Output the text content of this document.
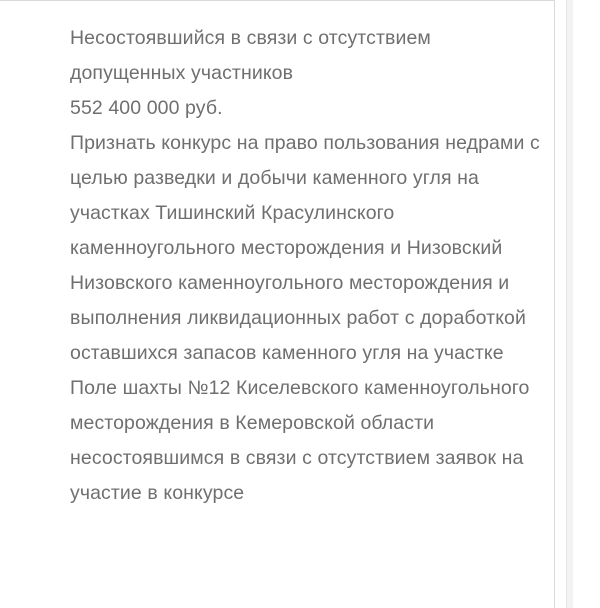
Несостоявшийся в связи с отсутствием допущенных участников

552 400 000 руб.

Признать конкурс на право пользования недрами с целью разведки и добычи каменного угля на участках Тишинский Красулинского каменноугольного месторождения и Низовский Низовского каменноугольного месторождения и выполнения ликвидационных работ с доработкой оставшихся запасов каменного угля на участке Поле шахты №12 Киселевского каменноугольного месторождения в Кемеровской области несостоявшимся в связи с отсутствием заявок на участие в конкурсе
